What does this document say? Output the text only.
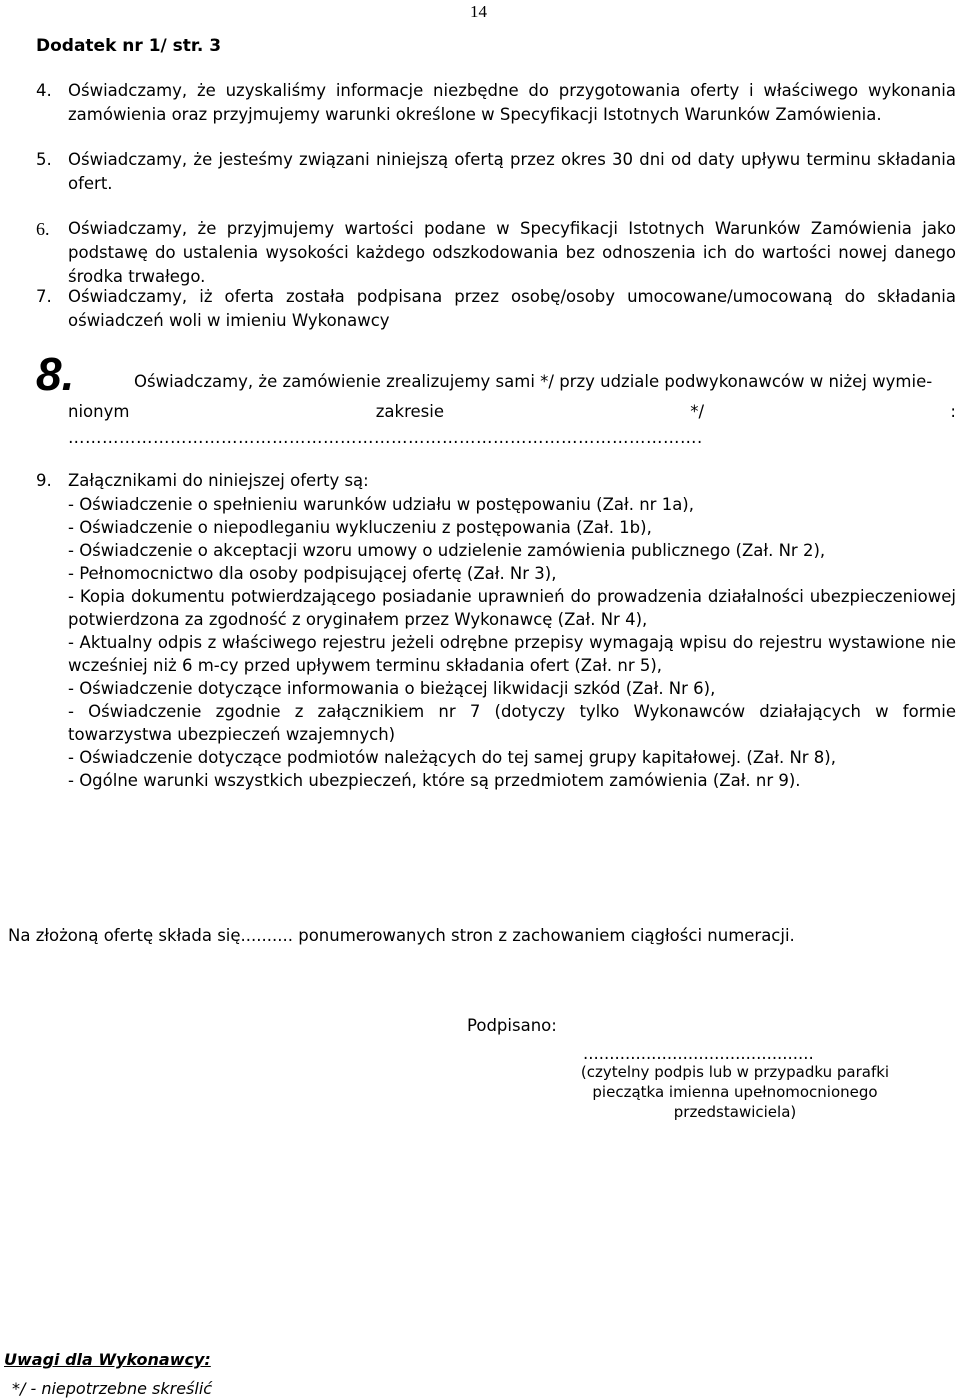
14
Dodatek nr 1/ str. 3
4. Oświadczamy, że uzyskaliśmy informacje niezbędne do przygotowania oferty i właściwego wykonania zamówienia oraz przyjmujemy warunki określone w Specyfikacji Istotnych Warunków Zamówienia.
5. Oświadczamy, że jesteśmy związani niniejszą ofertą przez okres 30 dni od daty upływu terminu składania ofert.
6. Oświadczamy, że przyjmujemy wartości podane w Specyfikacji Istotnych Warunków Zamówienia jako podstawę do ustalenia wysokości każdego odszkodowania bez odnoszenia ich do wartości nowej danego środka trwałego.
7. Oświadczamy, iż oferta została podpisana przez osobę/osoby umocowane/umocowaną do składania oświadczeń woli w imieniu Wykonawcy
8.	Oświadczamy, że zamówienie zrealizujemy sami */ przy udziale podwykonawców w niżej wymie-
nionym	zakresie	*/	:
………………………………………………………………………………………………….
9. Załącznikami do niniejszej oferty są:
- Oświadczenie o spełnieniu warunków udziału w postępowaniu (Zał. nr 1a),
- Oświadczenie o niepodleganiu wykluczeniu z postępowania (Zał. 1b),
- Oświadczenie o akceptacji wzoru umowy o udzielenie zamówienia publicznego (Zał. Nr 2),
- Pełnomocnictwo dla osoby podpisującej ofertę (Zał. Nr 3),
- Kopia dokumentu potwierdzającego posiadanie uprawnień do prowadzenia działalności ubezpieczeniowej potwierdzona za zgodność z oryginałem przez Wykonawcę (Zał. Nr 4),
- Aktualny odpis z właściwego rejestru jeżeli odrębne przepisy wymagają wpisu do rejestru wystawione nie wcześniej niż 6 m-cy przed upływem terminu składania ofert (Zał. nr 5),
- Oświadczenie dotyczące informowania o bieżącej likwidacji szkód (Zał. Nr 6),
- Oświadczenie zgodnie z załącznikiem nr 7 (dotyczy tylko Wykonawców działających w formie towarzystwa ubezpieczeń wzajemnych)
- Oświadczenie dotyczące podmiotów należących do tej samej grupy kapitałowej. (Zał. Nr 8),
- Ogólne warunki wszystkich ubezpieczeń, które są przedmiotem zamówienia (Zał. nr 9).
Na złożoną ofertę składa się.......... ponumerowanych stron z zachowaniem ciągłości numeracji.
Podpisano:
............................................
(czytelny podpis lub w przypadku parafki pieczątka imienna upełnomocnionego przedstawiciela)
Uwagi dla Wykonawcy:
*/ - niepotrzebne skreślić
